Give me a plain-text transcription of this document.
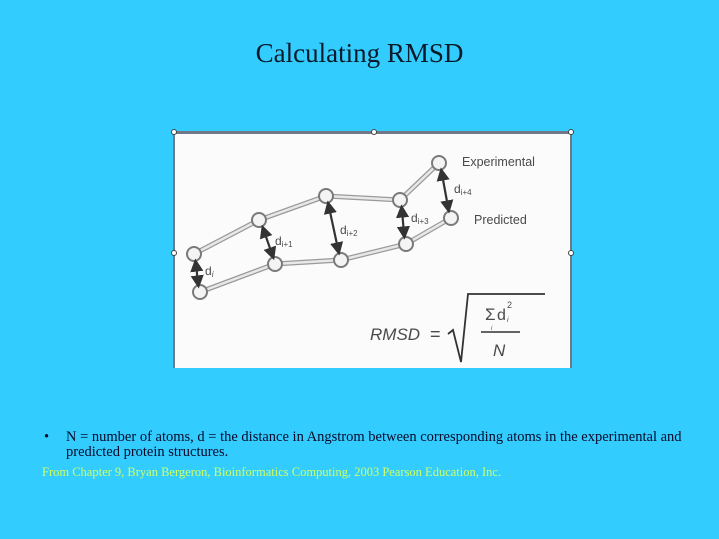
Calculating RMSD
di
di+1
di+2
di+3
di+4
Experimental
Predicted
RMSD =
Σ
i
d
2
i
N
•	N = number of atoms, d = the distance in Angstrom between corresponding atoms in the experimental and predicted protein structures.
From Chapter 9, Bryan Bergeron, Bioinformatics Computing, 2003 Pearson Education, Inc.
